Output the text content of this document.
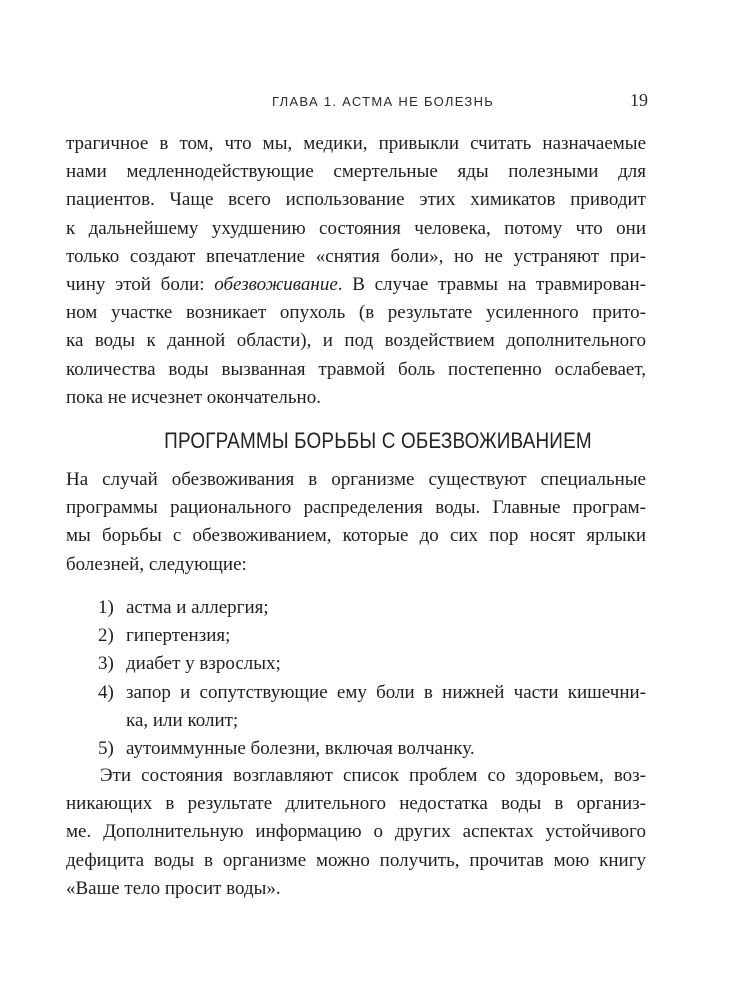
ГЛАВА 1. АСТМА НЕ БОЛЕЗНЬ	19
трагичное в том, что мы, медики, привыкли считать назначаемые
нами медленнодействующие смертельные яды полезными для
пациентов. Чаще всего использование этих химикатов приводит
к дальнейшему ухудшению состояния человека, потому что они
только создают впечатление «снятия боли», но не устраняют при-
чину этой боли: обезвоживание. В случае травмы на травмирован-
ном участке возникает опухоль (в результате усиленного прито-
ка воды к данной области), и под воздействием дополнительного
количества воды вызванная травмой боль постепенно ослабевает,
пока не исчезнет окончательно.
ПРОГРАММЫ БОРЬБЫ С ОБЕЗВОЖИВАНИЕМ
На случай обезвоживания в организме существуют специальные
программы рационального распределения воды. Главные програм-
мы борьбы с обезвоживанием, которые до сих пор носят ярлыки
болезней, следующие:
1) астма и аллергия;
2) гипертензия;
3) диабет у взрослых;
4) запор и сопутствующие ему боли в нижней части кишечни-
ка, или колит;
5) аутоиммунные болезни, включая волчанку.
Эти состояния возглавляют список проблем со здоровьем, воз-
никающих в результате длительного недостатка воды в организ-
ме. Дополнительную информацию о других аспектах устойчивого
дефицита воды в организме можно получить, прочитав мою книгу
«Ваше тело просит воды».
